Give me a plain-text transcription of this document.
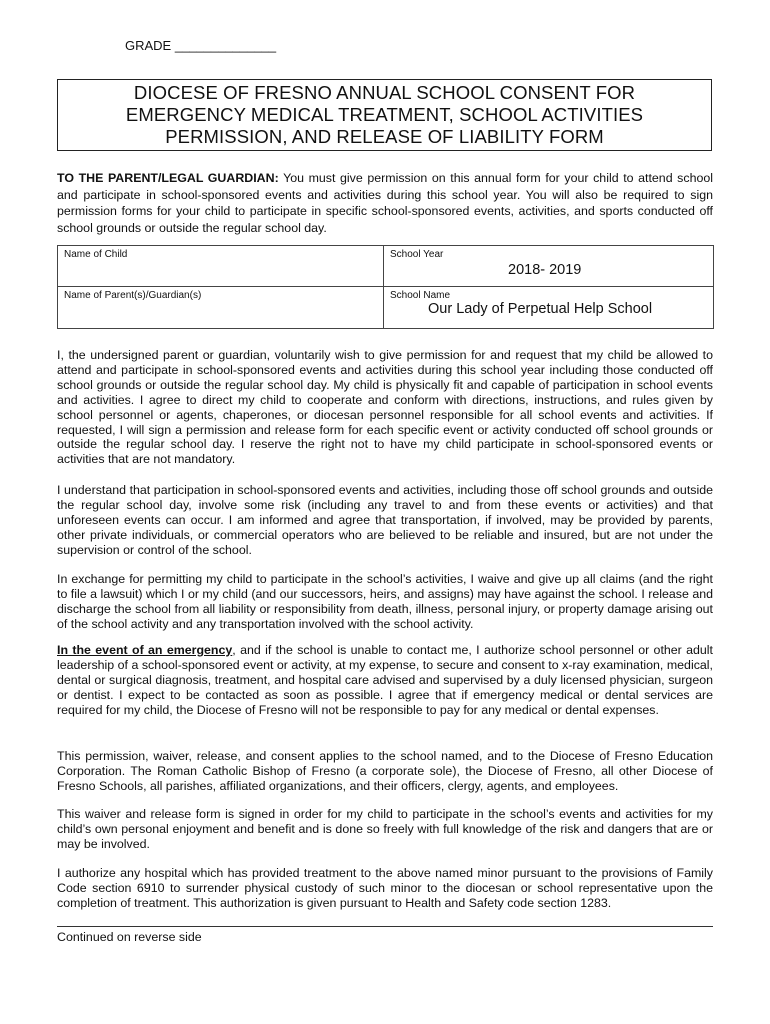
GRADE ______________
DIOCESE OF FRESNO ANNUAL SCHOOL CONSENT FOR
EMERGENCY MEDICAL TREATMENT, SCHOOL ACTIVITIES
PERMISSION, AND RELEASE OF LIABILITY FORM
TO THE PARENT/LEGAL GUARDIAN: You must give permission on this annual form for your child to attend school and participate in school-sponsored events and activities during this school year. You will also be required to sign permission forms for your child to participate in specific school-sponsored events, activities, and sports conducted off school grounds or outside the regular school day.
Name of Child	School Year
2018- 2019

Name of Parent(s)/Guardian(s)	School Name
Our Lady of Perpetual Help School
I, the undersigned parent or guardian, voluntarily wish to give permission for and request that my child be allowed to attend and participate in school-sponsored events and activities during this school year including those conducted off school grounds or outside the regular school day. My child is physically fit and capable of participation in school events and activities. I agree to direct my child to cooperate and conform with directions, instructions, and rules given by school personnel or agents, chaperones, or diocesan personnel responsible for all school events and activities. If requested, I will sign a permission and release form for each specific event or activity conducted off school grounds or outside the regular school day. I reserve the right not to have my child participate in school-sponsored events or activities that are not mandatory.
I understand that participation in school-sponsored events and activities, including those off school grounds and outside the regular school day, involve some risk (including any travel to and from these events or activities) and that unforeseen events can occur. I am informed and agree that transportation, if involved, may be provided by parents, other private individuals, or commercial operators who are believed to be reliable and insured, but are not under the supervision or control of the school.
In exchange for permitting my child to participate in the school’s activities, I waive and give up all claims (and the right to file a lawsuit) which I or my child (and our successors, heirs, and assigns) may have against the school. I release and discharge the school from all liability or responsibility from death, illness, personal injury, or property damage arising out of the school activity and any transportation involved with the school activity.
In the event of an emergency, and if the school is unable to contact me, I authorize school personnel or other adult leadership of a school-sponsored event or activity, at my expense, to secure and consent to x-ray examination, medical, dental or surgical diagnosis, treatment, and hospital care advised and supervised by a duly licensed physician, surgeon or dentist. I expect to be contacted as soon as possible. I agree that if emergency medical or dental services are required for my child, the Diocese of Fresno will not be responsible to pay for any medical or dental expenses.
This permission, waiver, release, and consent applies to the school named, and to the Diocese of Fresno Education Corporation. The Roman Catholic Bishop of Fresno (a corporate sole), the Diocese of Fresno, all other Diocese of Fresno Schools, all parishes, affiliated organizations, and their officers, clergy, agents, and employees.
This waiver and release form is signed in order for my child to participate in the school’s events and activities for my child’s own personal enjoyment and benefit and is done so freely with full knowledge of the risk and dangers that are or may be involved.
I authorize any hospital which has provided treatment to the above named minor pursuant to the provisions of Family Code section 6910 to surrender physical custody of such minor to the diocesan or school representative upon the completion of treatment. This authorization is given pursuant to Health and Safety code section 1283.
Continued on reverse side
